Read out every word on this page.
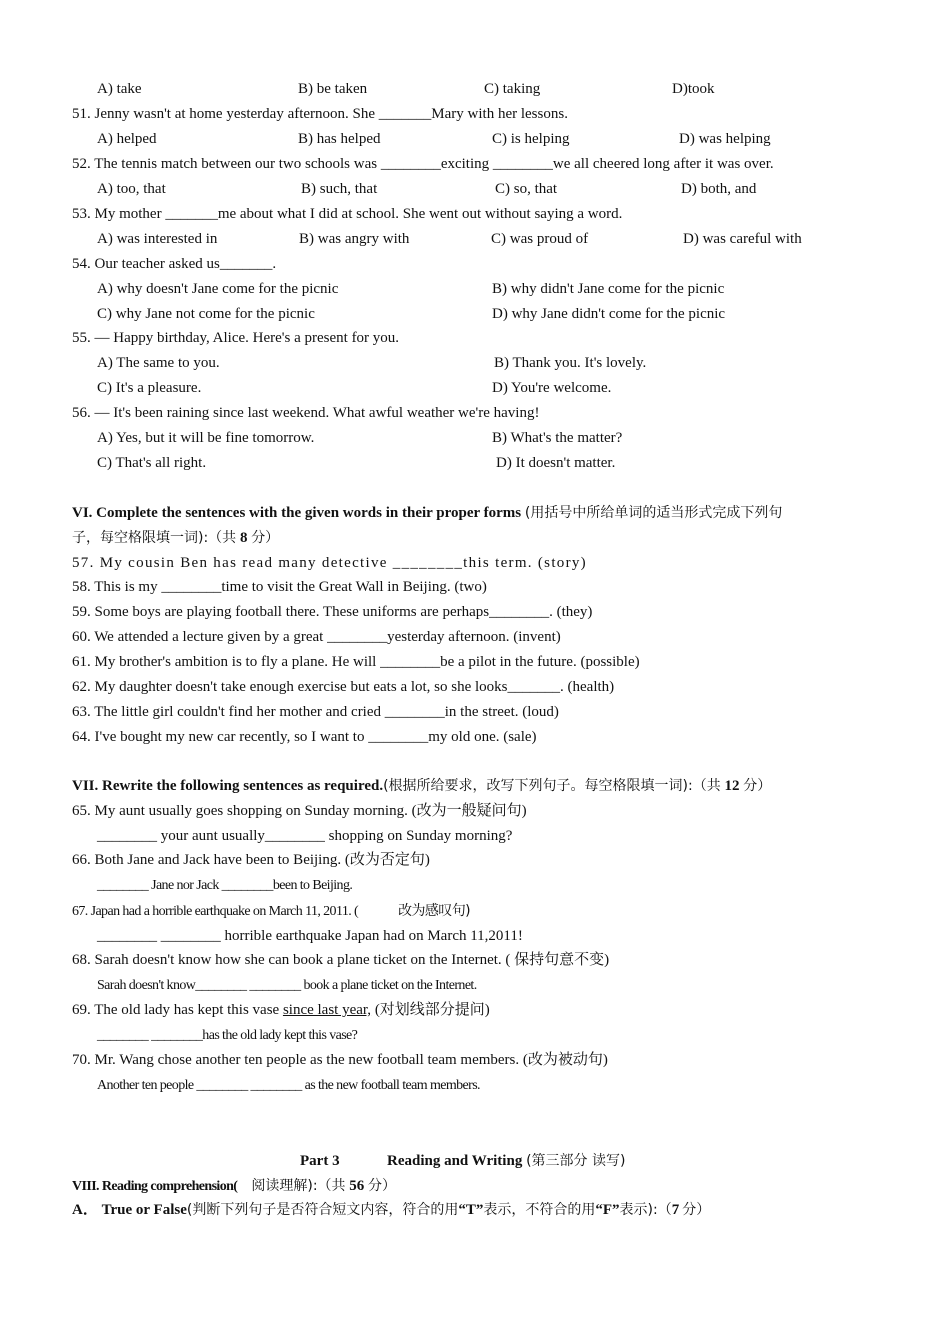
A) take	B) be taken	C) taking	D)took
51. Jenny wasn't at home yesterday afternoon. She _______Mary with her lessons.
A) helped	B) has helped	C) is helping	D) was helping
52. The tennis match between our two schools was ________exciting ________we all cheered long after it was over.
A) too, that	B) such, that	C) so, that	D) both, and
53. My mother _______me about what I did at school. She went out without saying a word.
A) was interested in	B) was angry with	C) was proud of	D) was careful with
54. Our teacher asked us_______.
A) why doesn't Jane come for the picnic	B) why didn't Jane come for the picnic
C) why Jane not come for the picnic	D) why Jane didn't come for the picnic
55. — Happy birthday, Alice. Here's a present for you.
A) The same to you.	B) Thank you. It's lovely.
C) It's a pleasure.	D) You're welcome.
56. — It's been raining since last weekend. What awful weather we're having!
A) Yes, but it will be fine tomorrow.	B) What's the matter?
C) That's all right.	D) It doesn't matter.
VI. Complete the sentences with the given words in their proper forms (用括号中所给单词的适当形式完成下列句
子，每空格限填一词):（共 8 分）
57. My cousin Ben has read many detective ________this term. (story)
58. This is my ________time to visit the Great Wall in Beijing. (two)
59. Some boys are playing football there. These uniforms are perhaps________. (they)
60. We attended a lecture given by a great ________yesterday afternoon. (invent)
61. My brother's ambition is to fly a plane. He will ________be a pilot in the future. (possible)
62. My daughter doesn't take enough exercise but eats a lot, so she looks_______. (health)
63. The little girl couldn't find her mother and cried ________in the street. (loud)
64. I've bought my new car recently, so I want to ________my old one. (sale)
VII. Rewrite the following sentences as required.(根据所给要求，改写下列句子。每空格限填一词):（共 12 分）
65. My aunt usually goes shopping on Sunday morning. (改为一般疑问句)
________ your aunt usually________ shopping on Sunday morning?
66. Both Jane and Jack have been to Beijing. (改为否定句)
________ Jane nor Jack ________been to Beijing.
67. Japan had a horrible earthquake on March 11, 2011. (	改为感叹句)
________ ________ horrible earthquake Japan had on March 11,2011!
68. Sarah doesn't know how she can book a plane ticket on the Internet. ( 保持句意不变)
Sarah doesn't know________ ________ book a plane ticket on the Internet.
69. The old lady has kept this vase since last year, (对划线部分提问)
________ ________has the old lady kept this vase?
70. Mr. Wang chose another ten people as the new football team members. (改为被动句)
Another ten people ________ ________ as the new football team members.
Part 3	Reading and Writing (第三部分 读写)
VIII. Reading comprehension( 阅读理解):（共 56 分）
A． True or False(判断下列句子是否符合短文内容，符合的用“T”表示，不符合的用“F”表示):（7 分）
